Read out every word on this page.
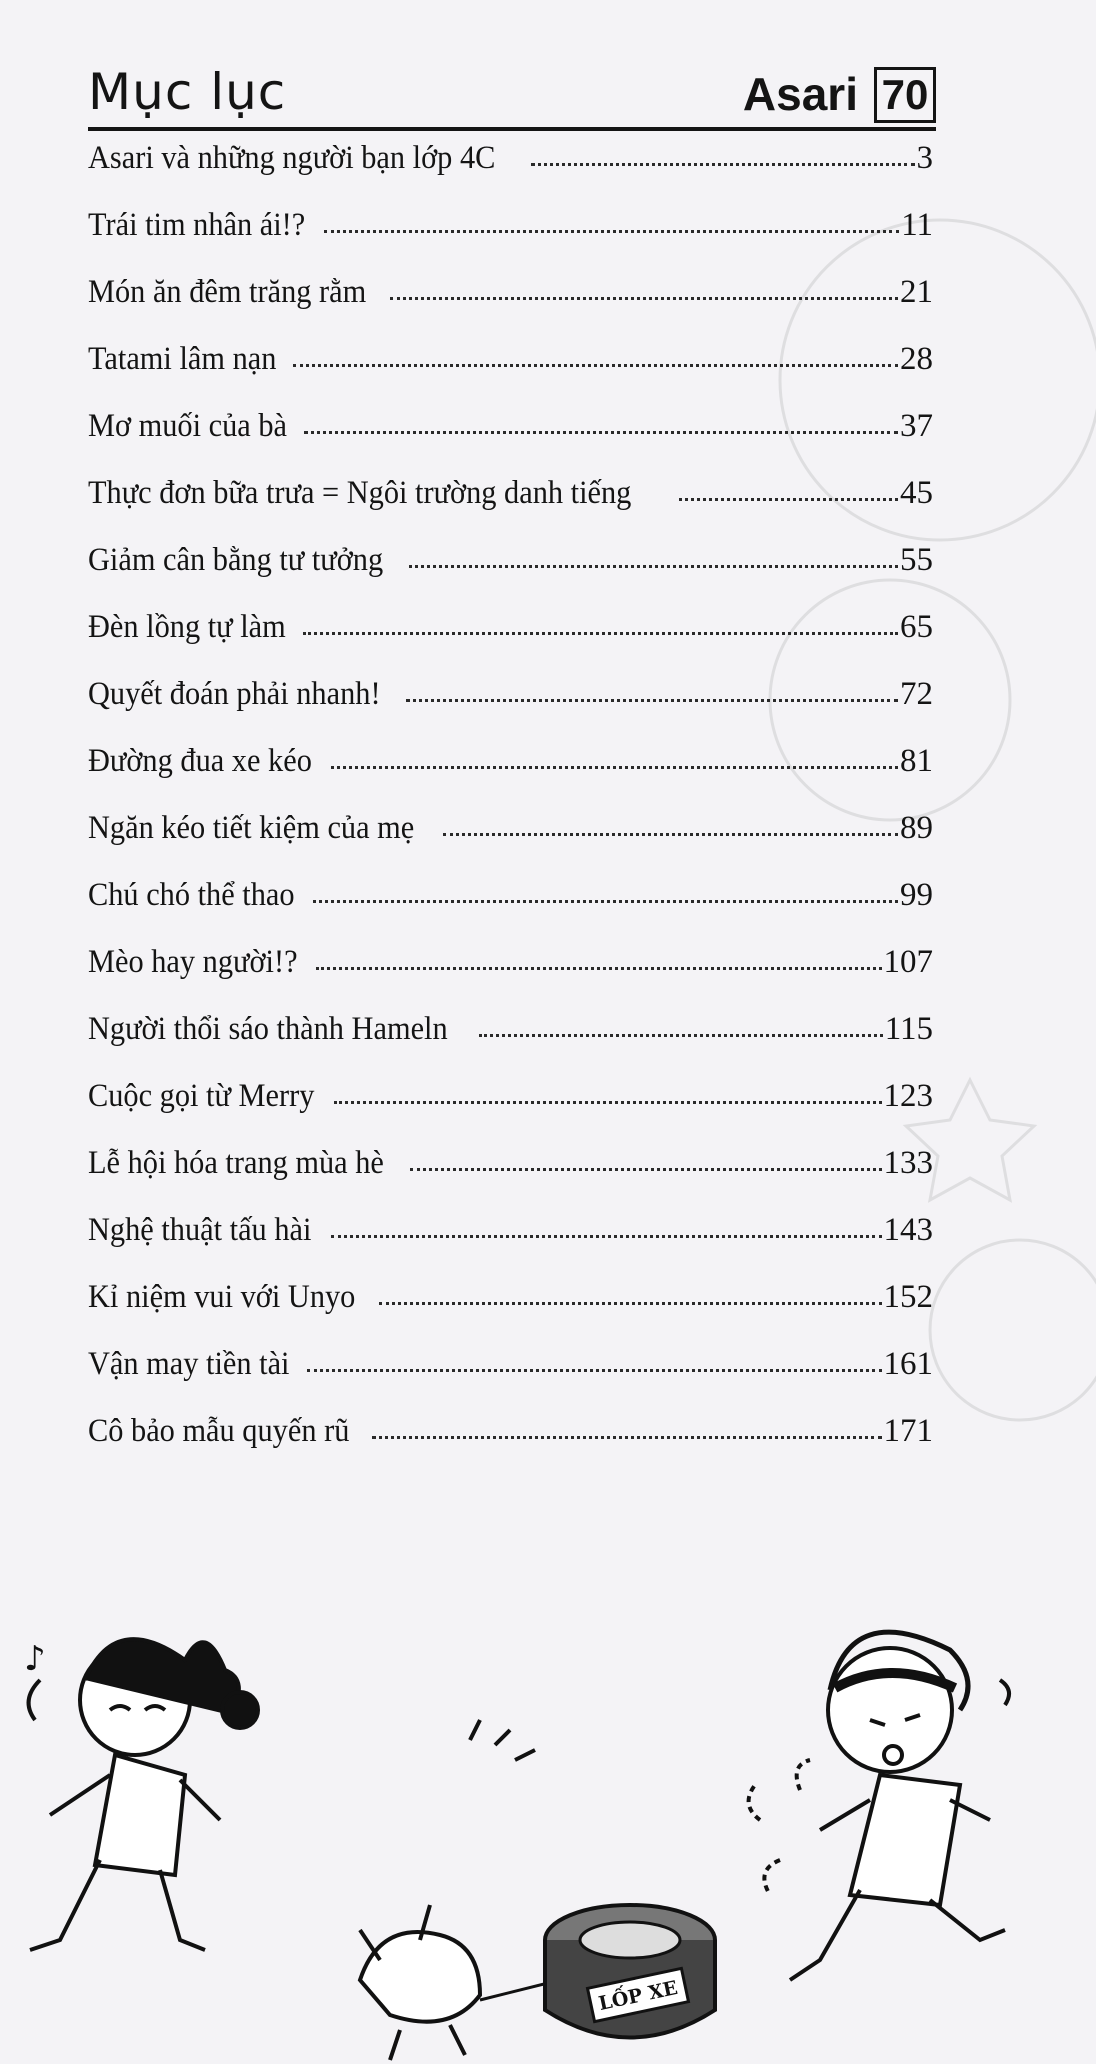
Mục lục	Asari 70
Asari và những người bạn lớp 4C	3
Trái tim nhân ái!?	11
Món ăn đêm trăng rằm	21
Tatami lâm nạn	28
Mơ muối của bà	37
Thực đơn bữa trưa = Ngôi trường danh tiếng	45
Giảm cân bằng tư tưởng	55
Đèn lồng tự làm	65
Quyết đoán phải nhanh!	72
Đường đua xe kéo	81
Ngăn kéo tiết kiệm của mẹ	89
Chú chó thể thao	99
Mèo hay người!?	107
Người thổi sáo thành Hameln	115
Cuộc gọi từ Merry	123
Lễ hội hóa trang mùa hè	133
Nghệ thuật tấu hài	143
Kỉ niệm vui với Unyo	152
Vận may tiền tài	161
Cô bảo mẫu quyến rũ	171
♪
LỐP XE
